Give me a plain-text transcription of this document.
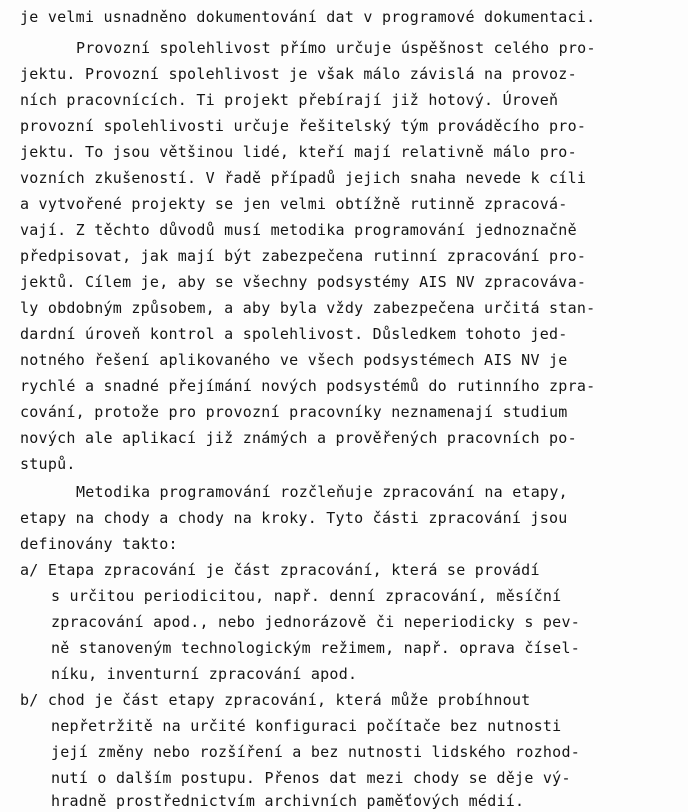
je velmi usnadněno dokumentování dat v programové dokumentaci.
Provozní spolehlivost přímo určuje úspěšnost celého pro-
jektu. Provozní spolehlivost je však málo závislá na provoz-
ních pracovnících. Ti projekt přebírají již hotový. Úroveň
provozní spolehlivosti určuje řešitelský tým prováděcího pro-
jektu. To jsou většinou lidé, kteří mají relativně málo pro-
vozních zkušeností. V řadě případů jejich snaha nevede k cíli
a vytvořené projekty se jen velmi obtížně rutinně zpracová-
vají. Z těchto důvodů musí metodika programování jednoznačně
předpisovat, jak mají být zabezpečena rutinní zpracování pro-
jektů. Cílem je, aby se všechny podsystémy AIS NV zpracováva-
ly obdobným způsobem, a aby byla vždy zabezpečena určitá stan-
dardní úroveň kontrol a spolehlivost. Důsledkem tohoto jed-
notného řešení aplikovaného ve všech podsystémech AIS NV je
rychlé a snadné přejímání nových podsystémů do rutinního zpra-
cování, protože pro provozní pracovníky neznamenají studium
nových ale aplikací již známých a prověřených pracovních po-
stupů.
Metodika programování rozčleňuje zpracování na etapy,
etapy na chody a chody na kroky. Tyto části zpracování jsou
definovány takto:
a/ Etapa zpracování je část zpracování, která se provádí
s určitou periodicitou, např. denní zpracování, měsíční
zpracování apod., nebo jednorázově či neperiodicky s pev-
ně stanoveným technologickým režimem, např. oprava čísel-
níku, inventurní zpracování apod.
b/ chod je část etapy zpracování, která může probíhnout
nepřetržitě na určité konfiguraci počítače bez nutnosti
její změny nebo rozšíření a bez nutnosti lidského rozhod-
nutí o dalším postupu. Přenos dat mezi chody se děje vý-
hradně prostřednictvím archivních paměťových médií.
